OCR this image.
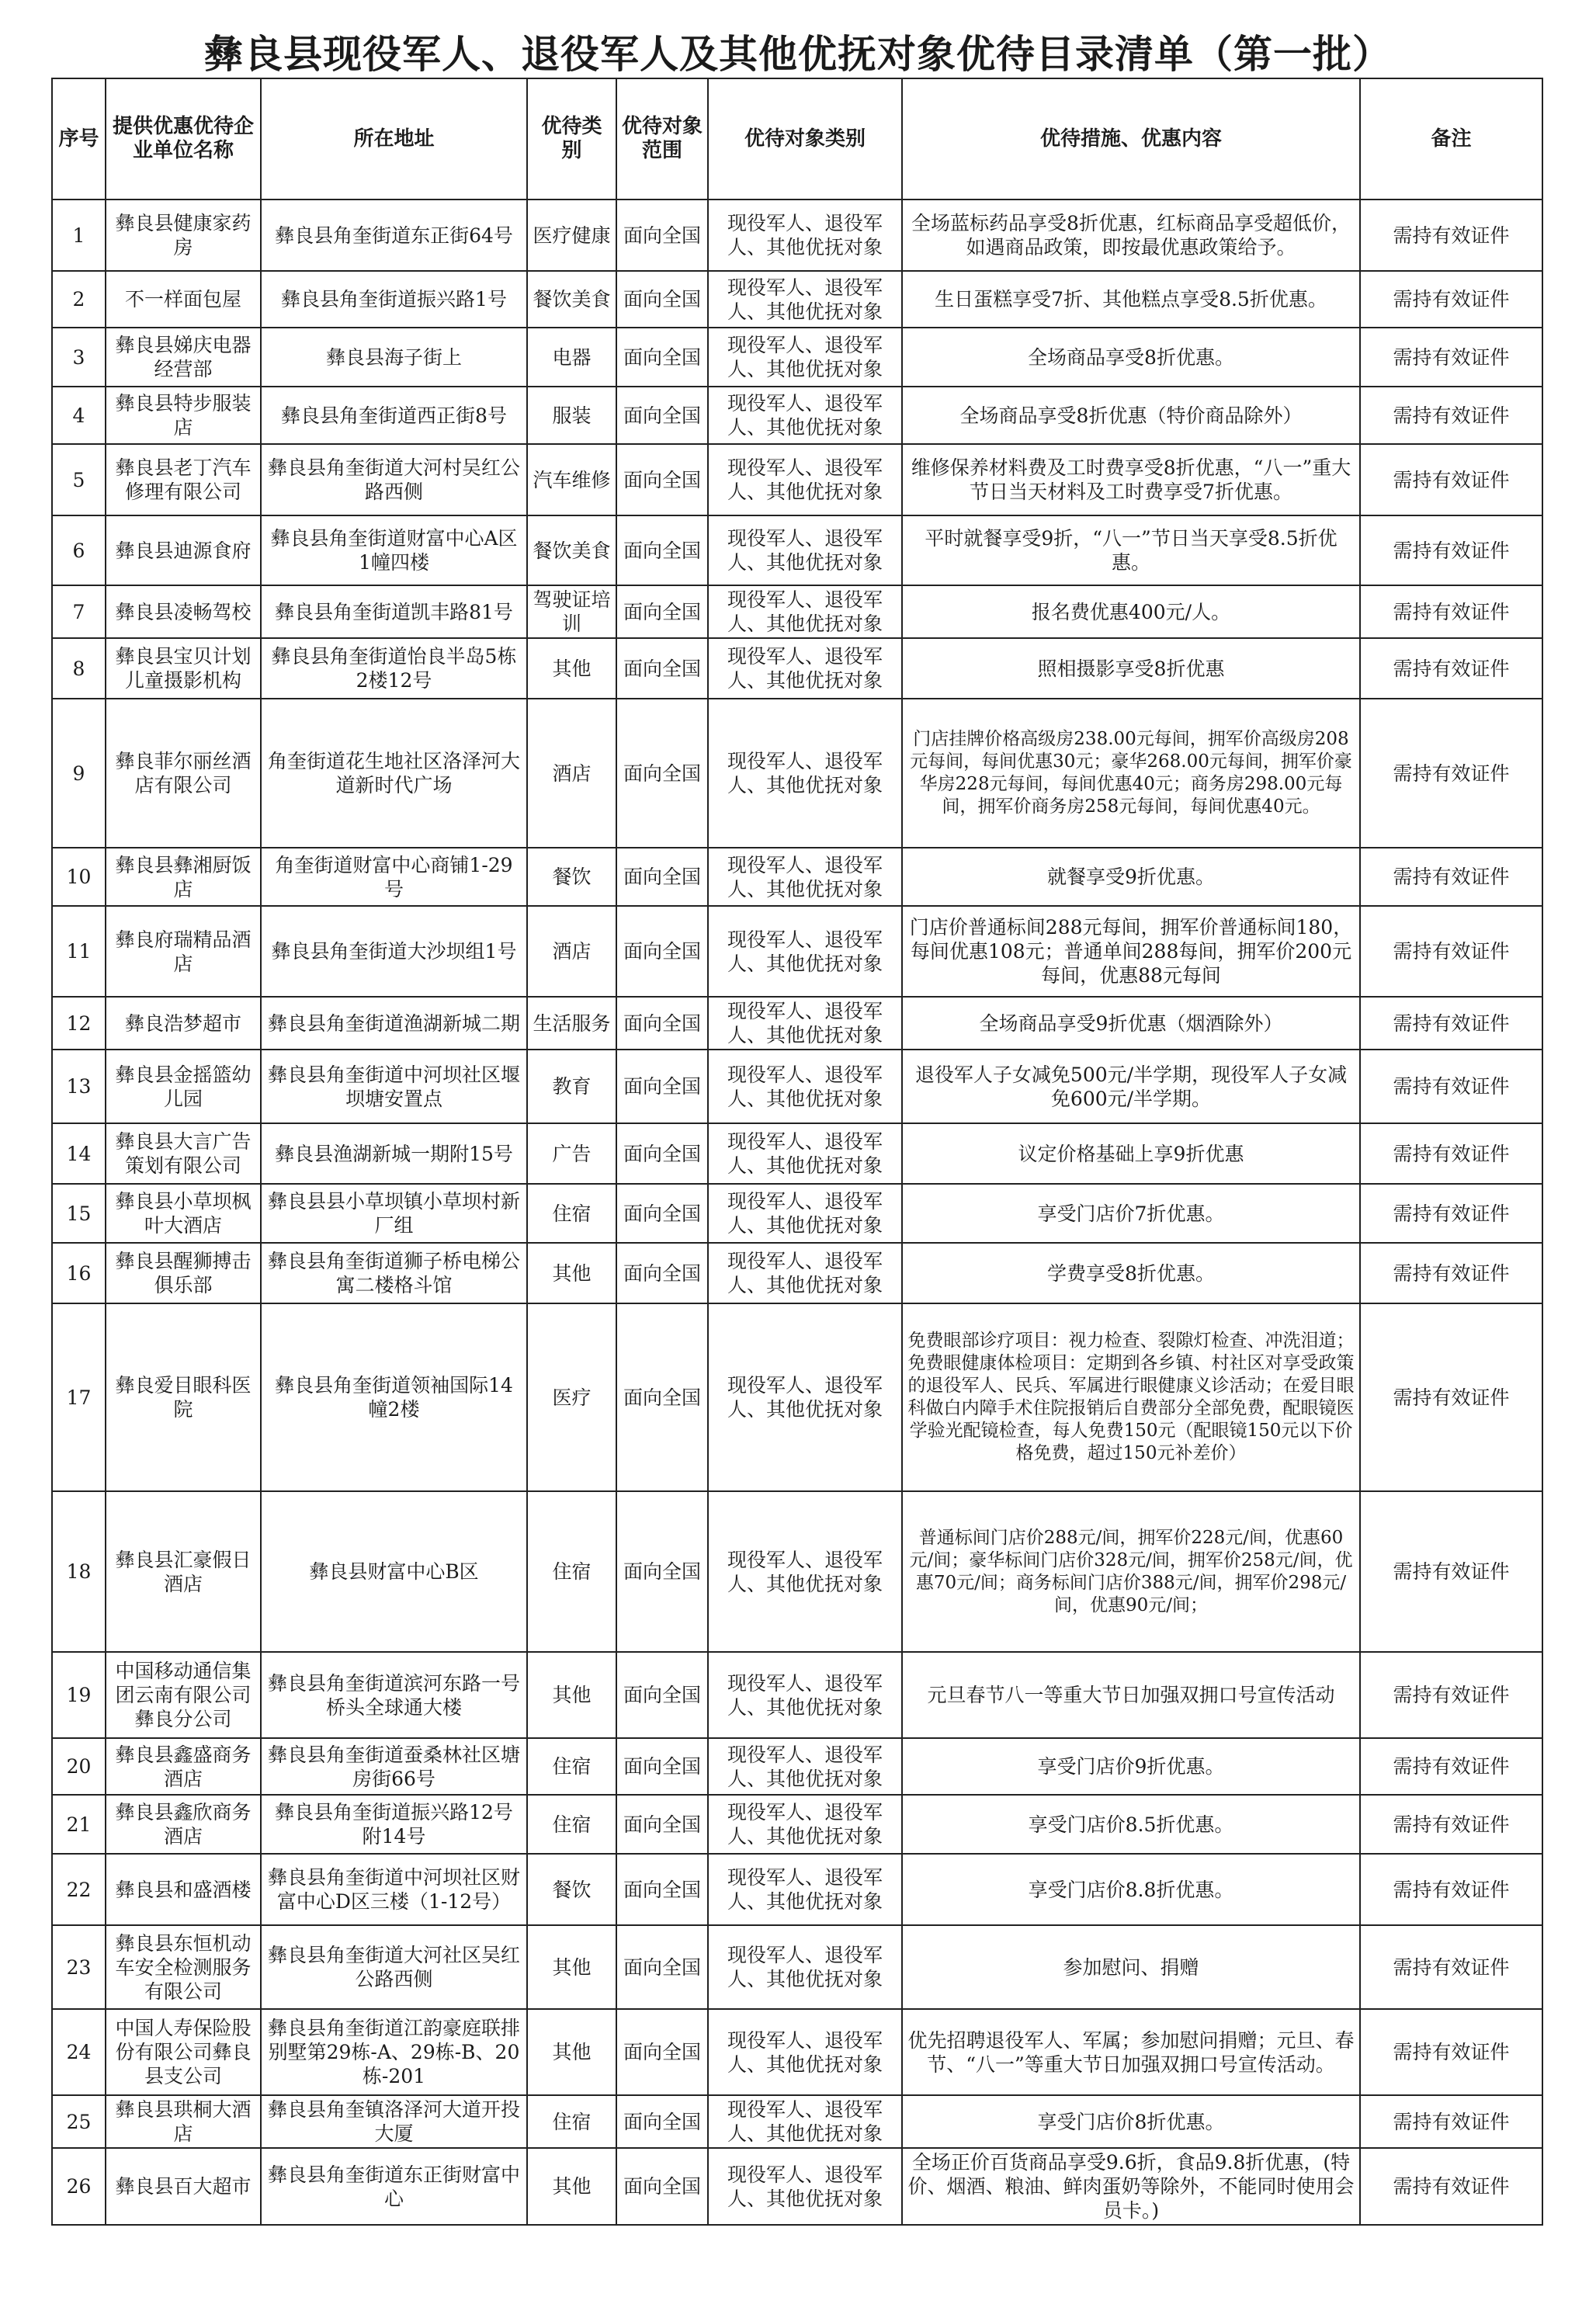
彝良县现役军人、退役军人及其他优抚对象优待目录清单（第一批）
序号	提供优惠优待企业单位名称	所在地址	优待类别	优待对象范围	优待对象类别	优待措施、优惠内容	备注
1	彝良县健康家药房	彝良县角奎街道东正街64号	医疗健康	面向全国	现役军人、退役军人、其他优抚对象	全场蓝标药品享受8折优惠，红标商品享受超低价，如遇商品政策，即按最优惠政策给予。	需持有效证件
2	不一样面包屋	彝良县角奎街道振兴路1号	餐饮美食	面向全国	现役军人、退役军人、其他优抚对象	生日蛋糕享受7折、其他糕点享受8.5折优惠。	需持有效证件
3	彝良县娣庆电器经营部	彝良县海子街上	电器	面向全国	现役军人、退役军人、其他优抚对象	全场商品享受8折优惠。	需持有效证件
4	彝良县特步服装店	彝良县角奎街道西正街8号	服装	面向全国	现役军人、退役军人、其他优抚对象	全场商品享受8折优惠（特价商品除外）	需持有效证件
5	彝良县老丁汽车修理有限公司	彝良县角奎街道大河村吴红公路西侧	汽车维修	面向全国	现役军人、退役军人、其他优抚对象	维修保养材料费及工时费享受8折优惠，“八一”重大节日当天材料及工时费享受7折优惠。	需持有效证件
6	彝良县迪源食府	彝良县角奎街道财富中心A区1幢四楼	餐饮美食	面向全国	现役军人、退役军人、其他优抚对象	平时就餐享受9折，“八一”节日当天享受8.5折优惠。	需持有效证件
7	彝良县凌畅驾校	彝良县角奎街道凯丰路81号	驾驶证培训	面向全国	现役军人、退役军人、其他优抚对象	报名费优惠400元/人。	需持有效证件
8	彝良县宝贝计划儿童摄影机构	彝良县角奎街道怡良半岛5栋2楼12号	其他	面向全国	现役军人、退役军人、其他优抚对象	照相摄影享受8折优惠	需持有效证件
9	彝良菲尔丽丝酒店有限公司	角奎街道花生地社区洛泽河大道新时代广场	酒店	面向全国	现役军人、退役军人、其他优抚对象	门店挂牌价格高级房238.00元每间，拥军价高级房208元每间，每间优惠30元；豪华268.00元每间，拥军价豪华房228元每间，每间优惠40元；商务房298.00元每间，拥军价商务房258元每间，每间优惠40元。	需持有效证件
10	彝良县彝湘厨饭店	角奎街道财富中心商铺1-29号	餐饮	面向全国	现役军人、退役军人、其他优抚对象	就餐享受9折优惠。	需持有效证件
11	彝良府瑞精品酒店	彝良县角奎街道大沙坝组1号	酒店	面向全国	现役军人、退役军人、其他优抚对象	门店价普通标间288元每间，拥军价普通标间180，每间优惠108元；普通单间288每间，拥军价200元每间，优惠88元每间	需持有效证件
12	彝良浩梦超市	彝良县角奎街道渔湖新城二期	生活服务	面向全国	现役军人、退役军人、其他优抚对象	全场商品享受9折优惠（烟酒除外）	需持有效证件
13	彝良县金摇篮幼儿园	彝良县角奎街道中河坝社区堰坝塘安置点	教育	面向全国	现役军人、退役军人、其他优抚对象	退役军人子女减免500元/半学期，现役军人子女减免600元/半学期。	需持有效证件
14	彝良县大言广告策划有限公司	彝良县渔湖新城一期附15号	广告	面向全国	现役军人、退役军人、其他优抚对象	议定价格基础上享9折优惠	需持有效证件
15	彝良县小草坝枫叶大酒店	彝良县县小草坝镇小草坝村新厂组	住宿	面向全国	现役军人、退役军人、其他优抚对象	享受门店价7折优惠。	需持有效证件
16	彝良县醒狮搏击俱乐部	彝良县角奎街道狮子桥电梯公寓二楼格斗馆	其他	面向全国	现役军人、退役军人、其他优抚对象	学费享受8折优惠。	需持有效证件
17	彝良爱目眼科医院	彝良县角奎街道领袖国际14幢2楼	医疗	面向全国	现役军人、退役军人、其他优抚对象	免费眼部诊疗项目：视力检查、裂隙灯检查、冲洗泪道；免费眼健康体检项目：定期到各乡镇、村社区对享受政策的退役军人、民兵、军属进行眼健康义诊活动；在爱目眼科做白内障手术住院报销后自费部分全部免费，配眼镜医学验光配镜检查，每人免费150元（配眼镜150元以下价格免费，超过150元补差价）	需持有效证件
18	彝良县汇豪假日酒店	彝良县财富中心B区	住宿	面向全国	现役军人、退役军人、其他优抚对象	普通标间门店价288元/间，拥军价228元/间，优惠60元/间；豪华标间门店价328元/间，拥军价258元/间，优惠70元/间；商务标间门店价388元/间，拥军价298元/间，优惠90元/间；	需持有效证件
19	中国移动通信集团云南有限公司彝良分公司	彝良县角奎街道滨河东路一号桥头全球通大楼	其他	面向全国	现役军人、退役军人、其他优抚对象	元旦春节八一等重大节日加强双拥口号宣传活动	需持有效证件
20	彝良县鑫盛商务酒店	彝良县角奎街道蚕桑林社区塘房街66号	住宿	面向全国	现役军人、退役军人、其他优抚对象	享受门店价9折优惠。	需持有效证件
21	彝良县鑫欣商务酒店	彝良县角奎街道振兴路12号附14号	住宿	面向全国	现役军人、退役军人、其他优抚对象	享受门店价8.5折优惠。	需持有效证件
22	彝良县和盛酒楼	彝良县角奎街道中河坝社区财富中心D区三楼（1-12号）	餐饮	面向全国	现役军人、退役军人、其他优抚对象	享受门店价8.8折优惠。	需持有效证件
23	彝良县东恒机动车安全检测服务有限公司	彝良县角奎街道大河社区吴红公路西侧	其他	面向全国	现役军人、退役军人、其他优抚对象	参加慰问、捐赠	需持有效证件
24	中国人寿保险股份有限公司彝良县支公司	彝良县角奎街道江韵豪庭联排别墅第29栋-A、29栋-B、20栋-201	其他	面向全国	现役军人、退役军人、其他优抚对象	优先招聘退役军人、军属；参加慰问捐赠；元旦、春节、“八一”等重大节日加强双拥口号宣传活动。	需持有效证件
25	彝良县珙桐大酒店	彝良县角奎镇洛泽河大道开投大厦	住宿	面向全国	现役军人、退役军人、其他优抚对象	享受门店价8折优惠。	需持有效证件
26	彝良县百大超市	彝良县角奎街道东正街财富中心	其他	面向全国	现役军人、退役军人、其他优抚对象	全场正价百货商品享受9.6折，食品9.8折优惠，(特价、烟酒、粮油、鲜肉蛋奶等除外，不能同时使用会员卡。)	需持有效证件
